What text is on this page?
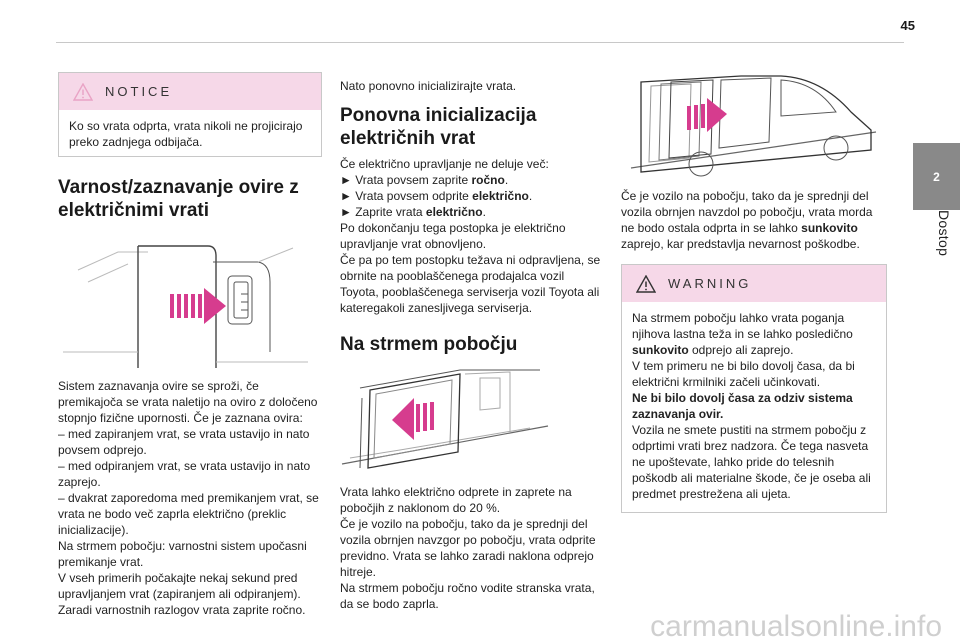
45
2
Dostop
NOTICE
Ko so vrata odprta, vrata nikoli ne projicirajo preko zadnjega odbijača.
Varnost/zaznavanje ovire z električnimi vrati

Sistem zaznavanja ovire se sproži, če premikajoča se vrata naletijo na oviro z določeno stopnjo fizične upornosti. Če je zaznana ovira:

– med zapiranjem vrat, se vrata ustavijo in nato povsem odprejo.

– med odpiranjem vrat, se vrata ustavijo in nato zaprejo.

– dvakrat zaporedoma med premikanjem vrat, se vrata ne bodo več zaprla električno (preklic inicializacije).

Na strmem pobočju: varnostni sistem upočasni premikanje vrat.

V vseh primerih počakajte nekaj sekund pred upravljanjem vrat (zapiranjem ali odpiranjem).

Zaradi varnostnih razlogov vrata zaprite ročno.

Nato ponovno inicializirajte vrata.

Ponovna inicializacija električnih vrat

Če električno upravljanje ne deluje več:

► Vrata povsem zaprite ročno.

► Vrata povsem odprite električno.

► Zaprite vrata električno.

Po dokončanju tega postopka je električno upravljanje vrat obnovljeno.

Če pa po tem postopku težava ni odpravljena, se obrnite na pooblaščenega prodajalca vozil Toyota, pooblaščenega serviserja vozil Toyota ali kateregakoli zanesljivega serviserja.

Na strmem pobočju

Vrata lahko električno odprete in zaprete na pobočjih z naklonom do 20 %.

Če je vozilo na pobočju, tako da je sprednji del vozila obrnjen navzgor po pobočju, vrata odprite previdno. Vrata se lahko zaradi naklona odprejo hitreje.

Na strmem pobočju ročno vodite stranska vrata, da se bodo zaprla.

Če je vozilo na pobočju, tako da je sprednji del vozila obrnjen navzdol po pobočju, vrata morda ne bodo ostala odprta in se lahko sunkovito zaprejo, kar predstavlja nevarnost poškodbe.

WARNING

Na strmem pobočju lahko vrata poganja njihova lastna teža in se lahko posledično sunkovito odprejo ali zaprejo.

V tem primeru ne bi bilo dovolj časa, da bi električni krmilniki začeli učinkovati.

Ne bi bilo dovolj časa za odziv sistema zaznavanja ovir.

Vozila ne smete pustiti na strmem pobočju z odprtimi vrati brez nadzora. Če tega nasveta ne upoštevate, lahko pride do telesnih poškodb ali materialne škode, če je oseba ali predmet prestrežena ali ujeta.

carmanualsonline.info
